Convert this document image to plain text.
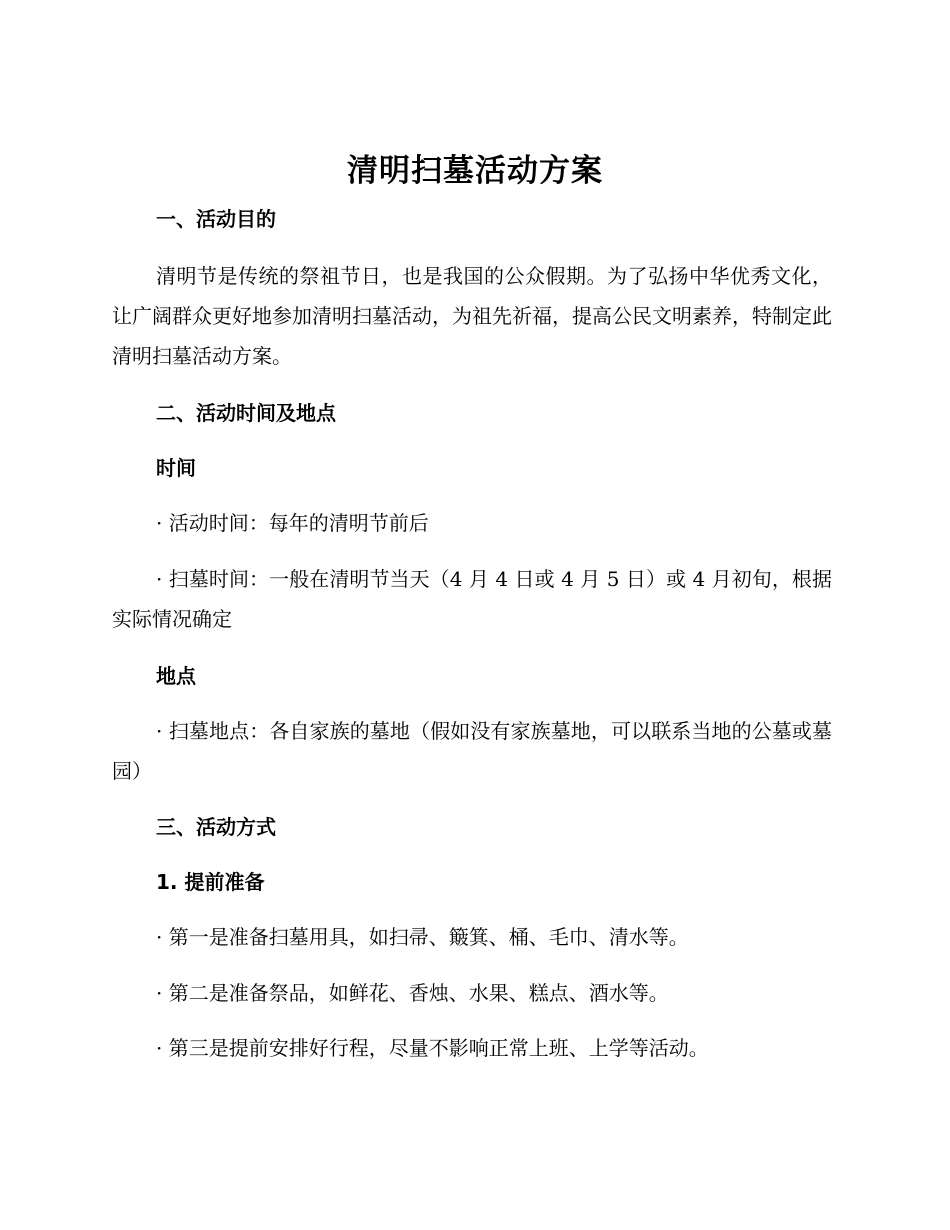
清明扫墓活动方案
一、活动目的

清明节是传统的祭祖节日，也是我国的公众假期。为了弘扬中华优秀文化，让广阔群众更好地参加清明扫墓活动，为祖先祈福，提高公民文明素养，特制定此清明扫墓活动方案。

二、活动时间及地点
时间

· 活动时间：每年的清明节前后

· 扫墓时间：一般在清明节当天（4 月 4 日或 4 月 5 日）或 4 月初旬，根据实际情况确定

地点

· 扫墓地点：各自家族的墓地（假如没有家族墓地，可以联系当地的公墓或墓园）

三、活动方式
1. 提前准备

· 第一是准备扫墓用具，如扫帚、簸箕、桶、毛巾、清水等。

· 第二是准备祭品，如鲜花、香烛、水果、糕点、酒水等。

· 第三是提前安排好行程，尽量不影响正常上班、上学等活动。
